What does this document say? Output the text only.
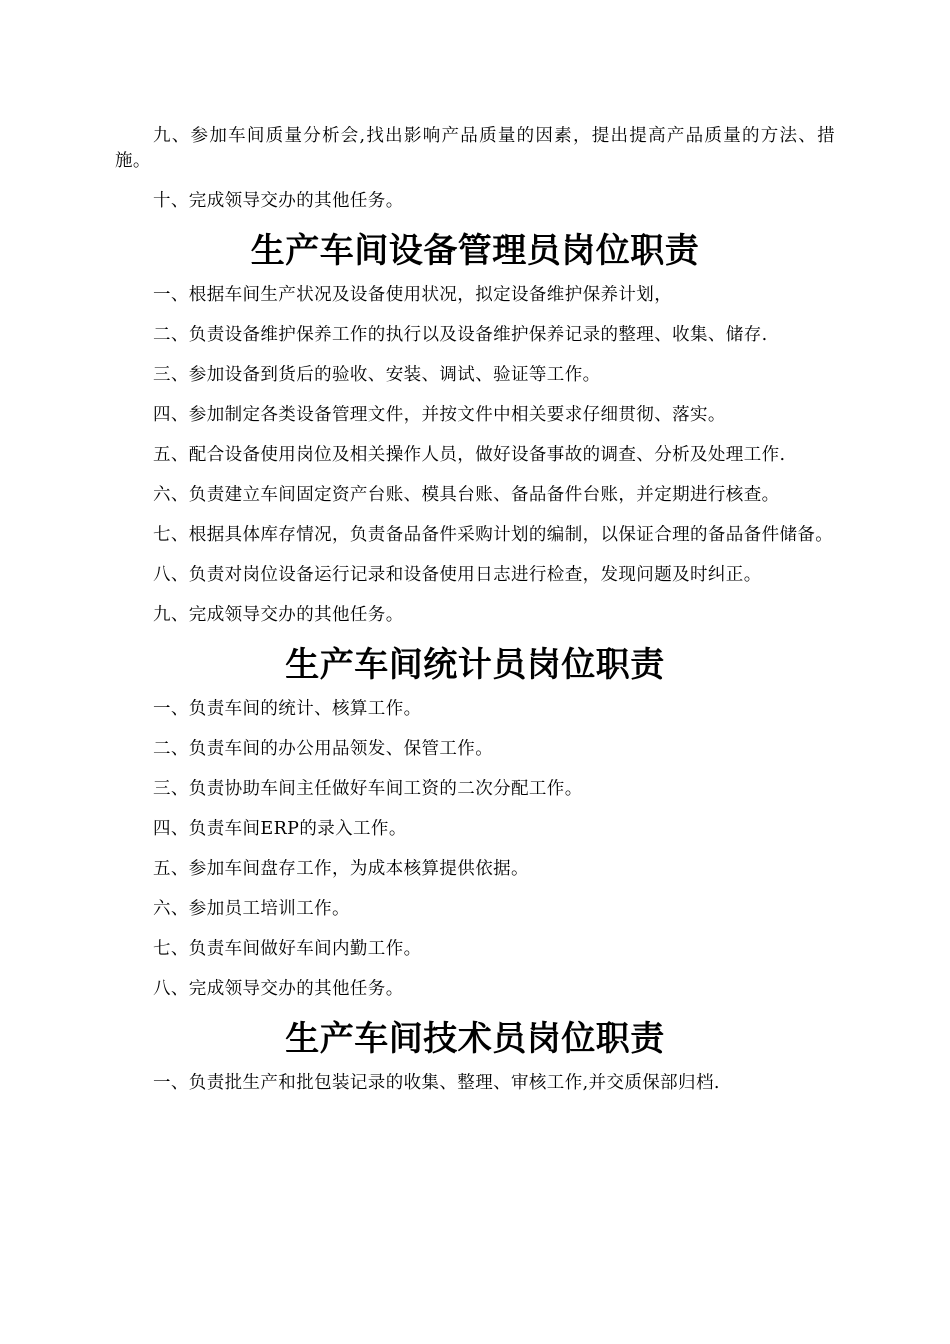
九、参加车间质量分析会,找出影响产品质量的因素，提出提高产品质量的方法、措施。

十、完成领导交办的其他任务。

生产车间设备管理员岗位职责

一、根据车间生产状况及设备使用状况，拟定设备维护保养计划，

二、负责设备维护保养工作的执行以及设备维护保养记录的整理、收集、储存.

三、参加设备到货后的验收、安装、调试、验证等工作。

四、参加制定各类设备管理文件，并按文件中相关要求仔细贯彻、落实。

五、配合设备使用岗位及相关操作人员，做好设备事故的调查、分析及处理工作.

六、负责建立车间固定资产台账、模具台账、备品备件台账，并定期进行核查。

七、根据具体库存情况，负责备品备件采购计划的编制，以保证合理的备品备件储备。

八、负责对岗位设备运行记录和设备使用日志进行检查，发现问题及时纠正。

九、完成领导交办的其他任务。

生产车间统计员岗位职责

一、负责车间的统计、核算工作。

二、负责车间的办公用品领发、保管工作。

三、负责协助车间主任做好车间工资的二次分配工作。

四、负责车间ERP的录入工作。

五、参加车间盘存工作，为成本核算提供依据。

六、参加员工培训工作。

七、负责车间做好车间内勤工作。

八、完成领导交办的其他任务。

生产车间技术员岗位职责

一、负责批生产和批包装记录的收集、整理、审核工作,并交质保部归档.
